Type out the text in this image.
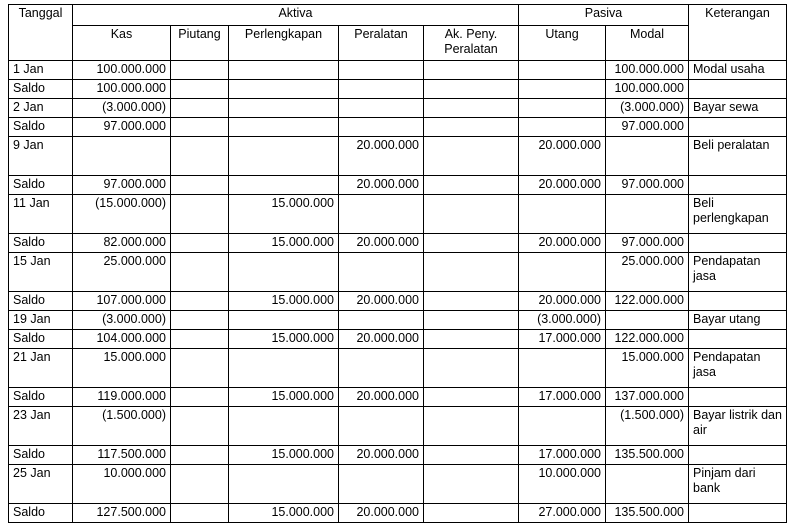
Tanggal	Aktiva					Pasiva		Keterangan
	Kas	Piutang	Perlengkapan	Peralatan	Ak. Peny. Peralatan	Utang	Modal	
1 Jan	100.000.000						100.000.000	Modal usaha
Saldo	100.000.000						100.000.000	
2 Jan	(3.000.000)						(3.000.000)	Bayar sewa
Saldo	97.000.000						97.000.000	
9 Jan				20.000.000		20.000.000		Beli peralatan
Saldo	97.000.000			20.000.000		20.000.000	97.000.000	
11 Jan	(15.000.000)		15.000.000					Beli perlengkapan
Saldo	82.000.000		15.000.000	20.000.000		20.000.000	97.000.000	
15 Jan	25.000.000						25.000.000	Pendapatan jasa
Saldo	107.000.000		15.000.000	20.000.000		20.000.000	122.000.000	
19 Jan	(3.000.000)					(3.000.000)		Bayar utang
Saldo	104.000.000		15.000.000	20.000.000		17.000.000	122.000.000	
21 Jan	15.000.000						15.000.000	Pendapatan jasa
Saldo	119.000.000		15.000.000	20.000.000		17.000.000	137.000.000	
23 Jan	(1.500.000)						(1.500.000)	Bayar listrik dan air
Saldo	117.500.000		15.000.000	20.000.000		17.000.000	135.500.000	
25 Jan	10.000.000					10.000.000		Pinjam dari bank
Saldo	127.500.000		15.000.000	20.000.000		27.000.000	135.500.000	
